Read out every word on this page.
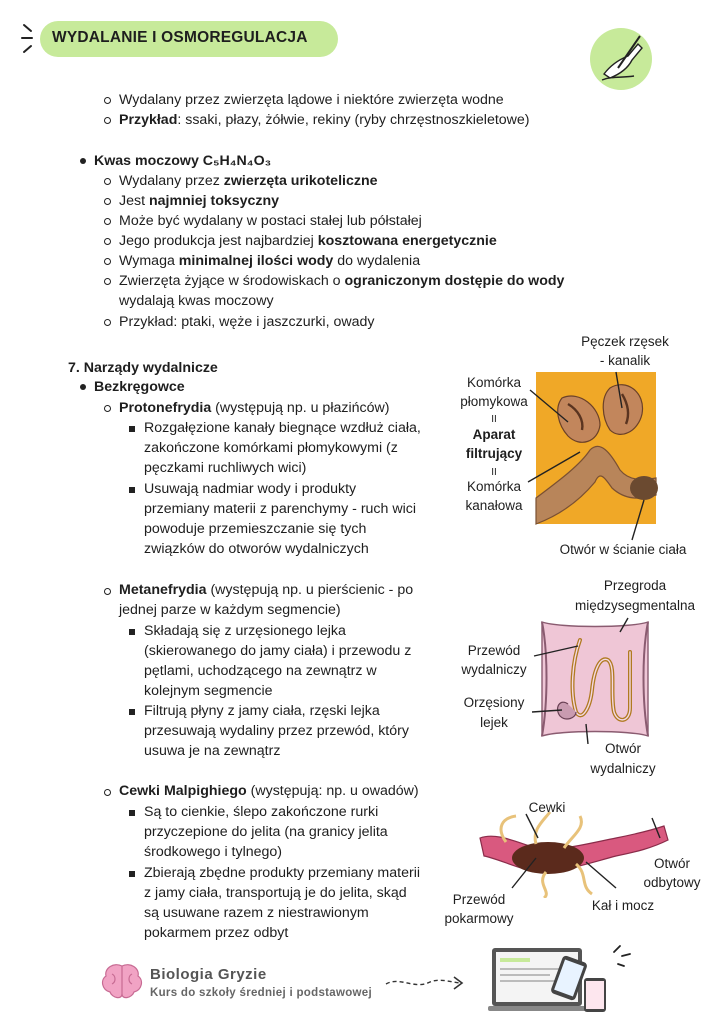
WYDALANIE I OSMOREGULACJA
Wydalany przez zwierzęta lądowe i niektóre zwierzęta wodne
Przykład: ssaki, płazy, żółwie, rekiny (ryby chrzęstnoszkieletowe)
Kwas moczowy C₅H₄N₄O₃
Wydalany przez zwierzęta urikoteliczne
Jest najmniej toksyczny
Może być wydalany w postaci stałej lub półstałej
Jego produkcja jest najbardziej kosztowana energetycznie
Wymaga minimalnej ilości wody do wydalenia
Zwierzęta żyjące w środowiskach o ograniczonym dostępie do wody
wydalają kwas moczowy
Przykład: ptaki, węże i jaszczurki, owady
7. Narządy wydalnicze
Bezkręgowce
Protonefrydia (występują np. u płazińców)
Rozgałęzione kanały biegnące wzdłuż ciała,
zakończone komórkami płomykowymi (z
pęczkami ruchliwych wici)
Usuwają nadmiar wody i produkty
przemiany materii z parenchymy - ruch wici
powoduje przemieszczanie się tych
związków do otworów wydalniczych
Metanefrydia (występują np. u pierścienic - po
jednej parze w każdym segmencie)
Składają się z urzęsionego lejka
(skierowanego do jamy ciała) i przewodu z
pętlami, uchodzącego na zewnątrz w
kolejnym segmencie
Filtrują płyny z jamy ciała, rzęski lejka
przesuwają wydaliny przez przewód, który
usuwa je na zewnątrz
Cewki Malpighiego (występują: np. u owadów)
Są to cienkie, ślepo zakończone rurki
przyczepione do jelita (na granicy jelita
środkowego i tylnego)
Zbierają zbędne produkty przemiany materii
z jamy ciała, transportują je do jelita, skąd
są usuwane razem z niestrawionym
pokarmem przez odbyt
Pęczek rzęsek
- kanalik
Komórka
płomykowa
II
Aparat
filtrujący
II
Komórka
kanałowa
Otwór w ścianie ciała
Przegroda
międzysegmentalna
Przewód
wydalniczy
Orzęsiony
lejek
Otwór
wydalniczy
Cewki
Otwór
odbytowy
Przewód
pokarmowy
Kał i mocz
Biologia Gryzie
Kurs do szkoły średniej i podstawowej
